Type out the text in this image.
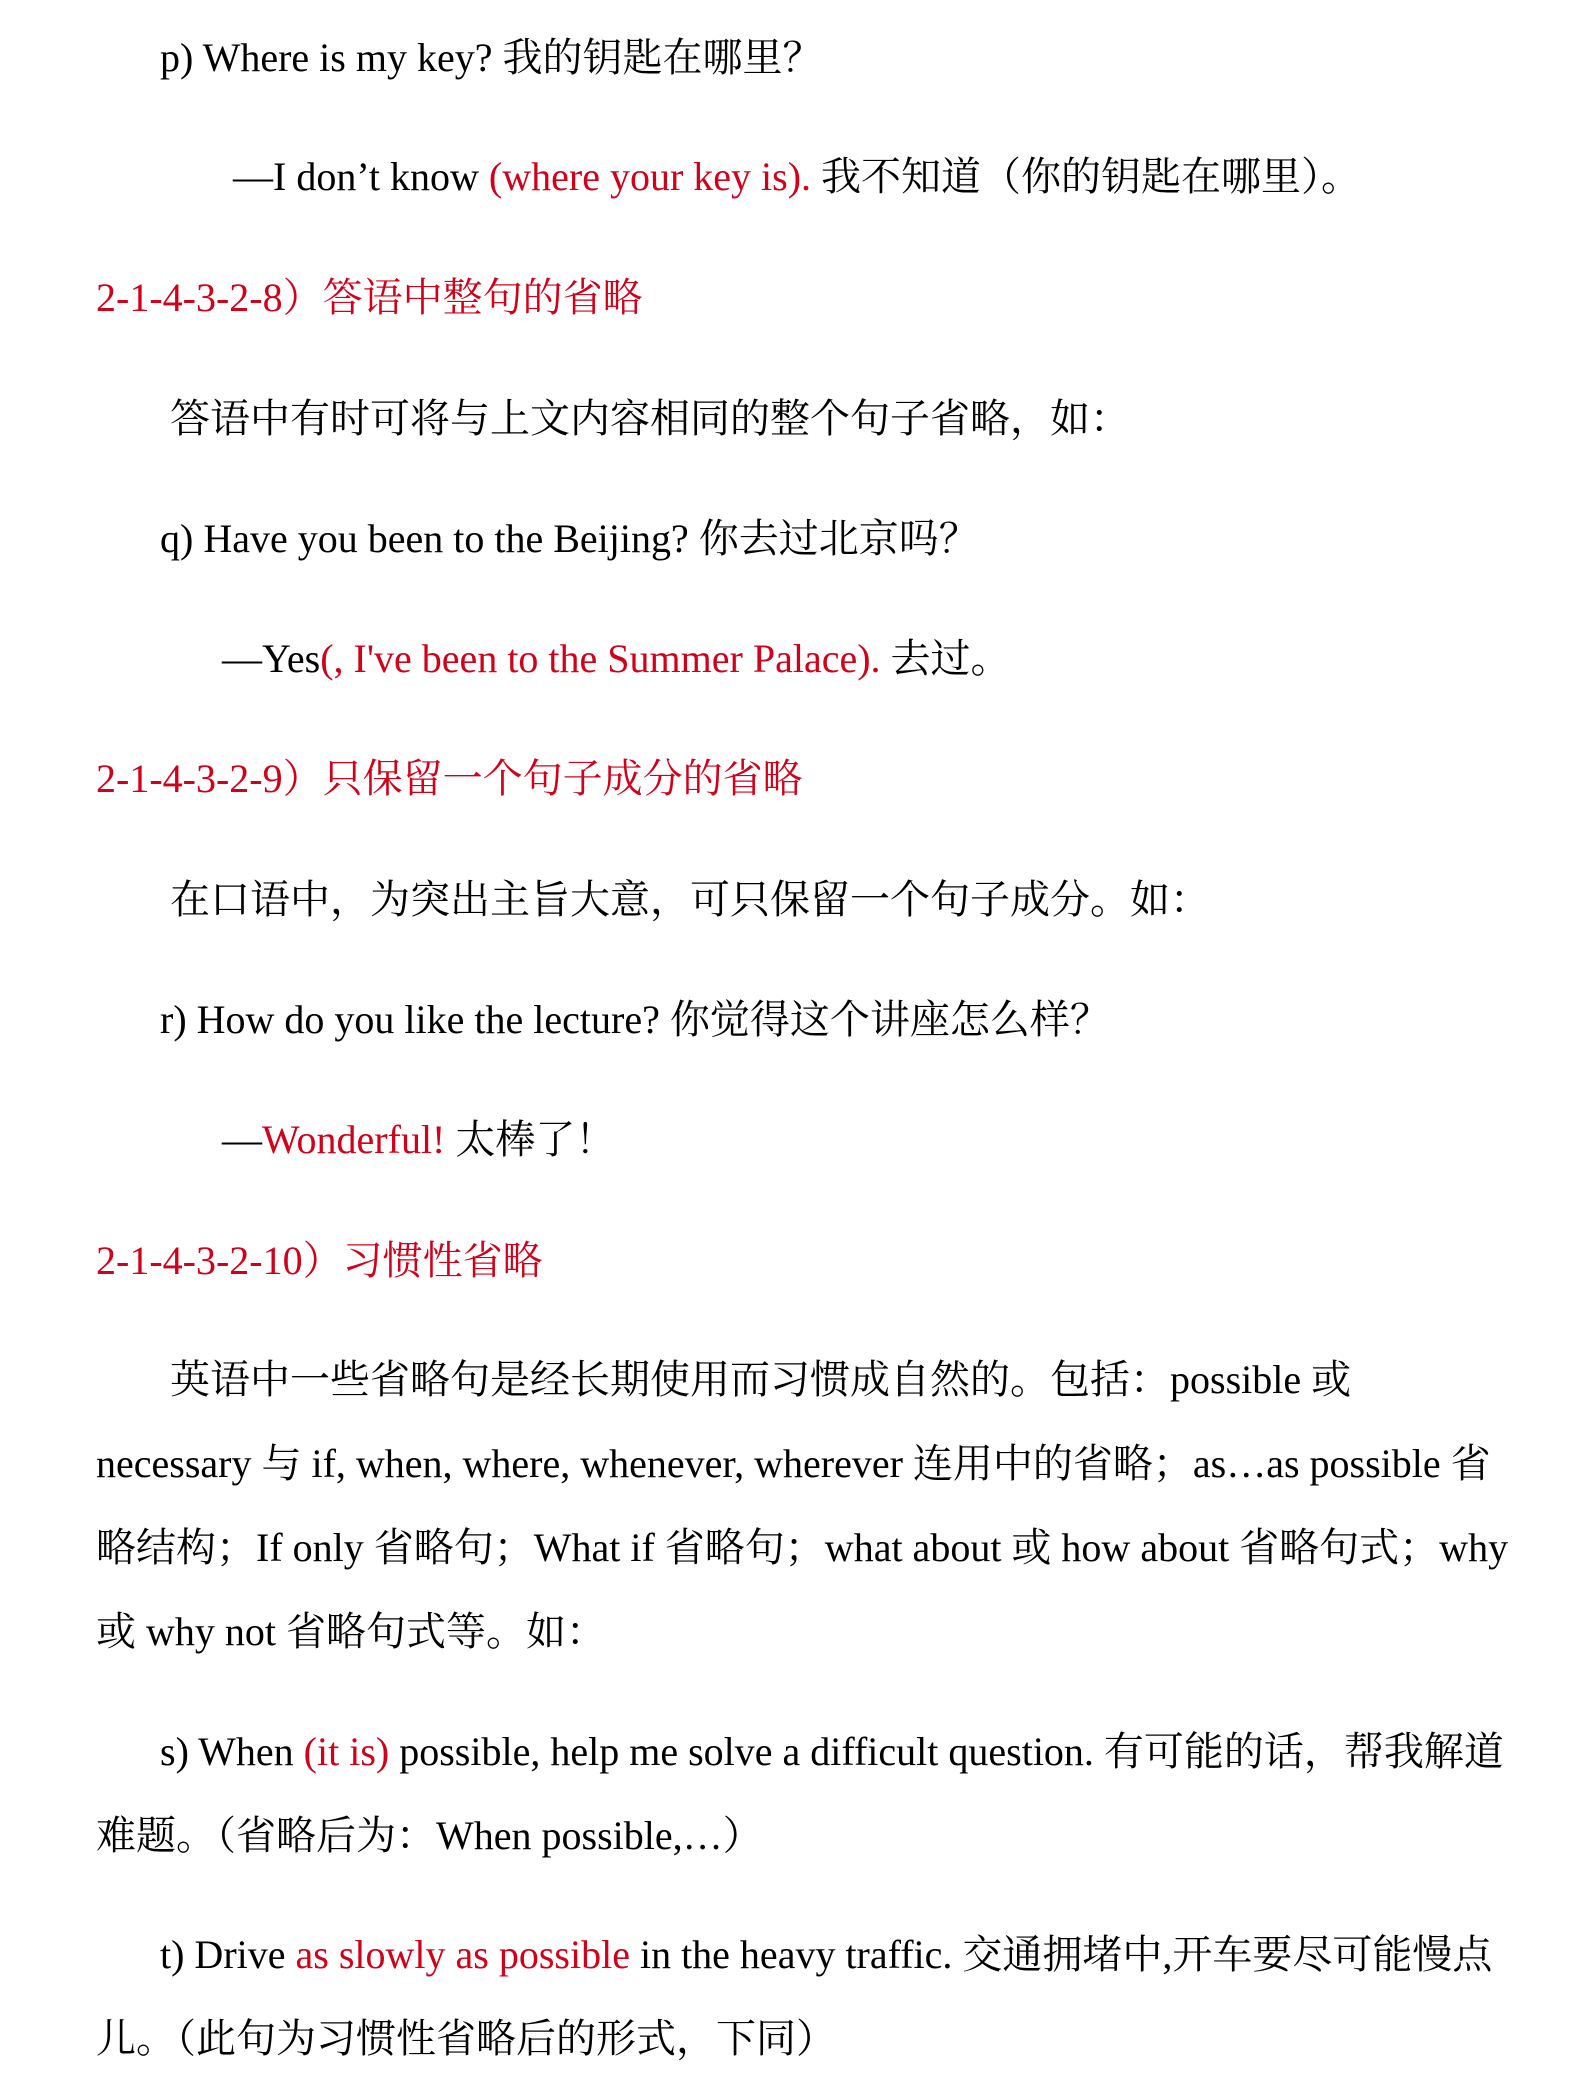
p) Where is my key? 我的钥匙在哪里？
—I don’t know (where your key is). 我不知道（你的钥匙在哪里）。
2-1-4-3-2-8）答语中整句的省略
答语中有时可将与上文内容相同的整个句子省略，如：
q) Have you been to the Beijing? 你去过北京吗？
—Yes(, I've been to the Summer Palace). 去过。
2-1-4-3-2-9）只保留一个句子成分的省略
在口语中，为突出主旨大意，可只保留一个句子成分。如：
r) How do you like the lecture? 你觉得这个讲座怎么样？
—Wonderful! 太棒了！
2-1-4-3-2-10）习惯性省略
英语中一些省略句是经长期使用而习惯成自然的。包括：possible 或 necessary 与 if, when, where, whenever, wherever 连用中的省略；as…as possible 省略结构；If only 省略句；What if 省略句；what about 或 how about 省略句式；why 或 why not 省略句式等。如：
s) When (it is) possible, help me solve a difficult question. 有可能的话，帮我解道难题。（省略后为：When possible,…）
t) Drive as slowly as possible in the heavy traffic. 交通拥堵中,开车要尽可能慢点儿。（此句为习惯性省略后的形式，下同）
